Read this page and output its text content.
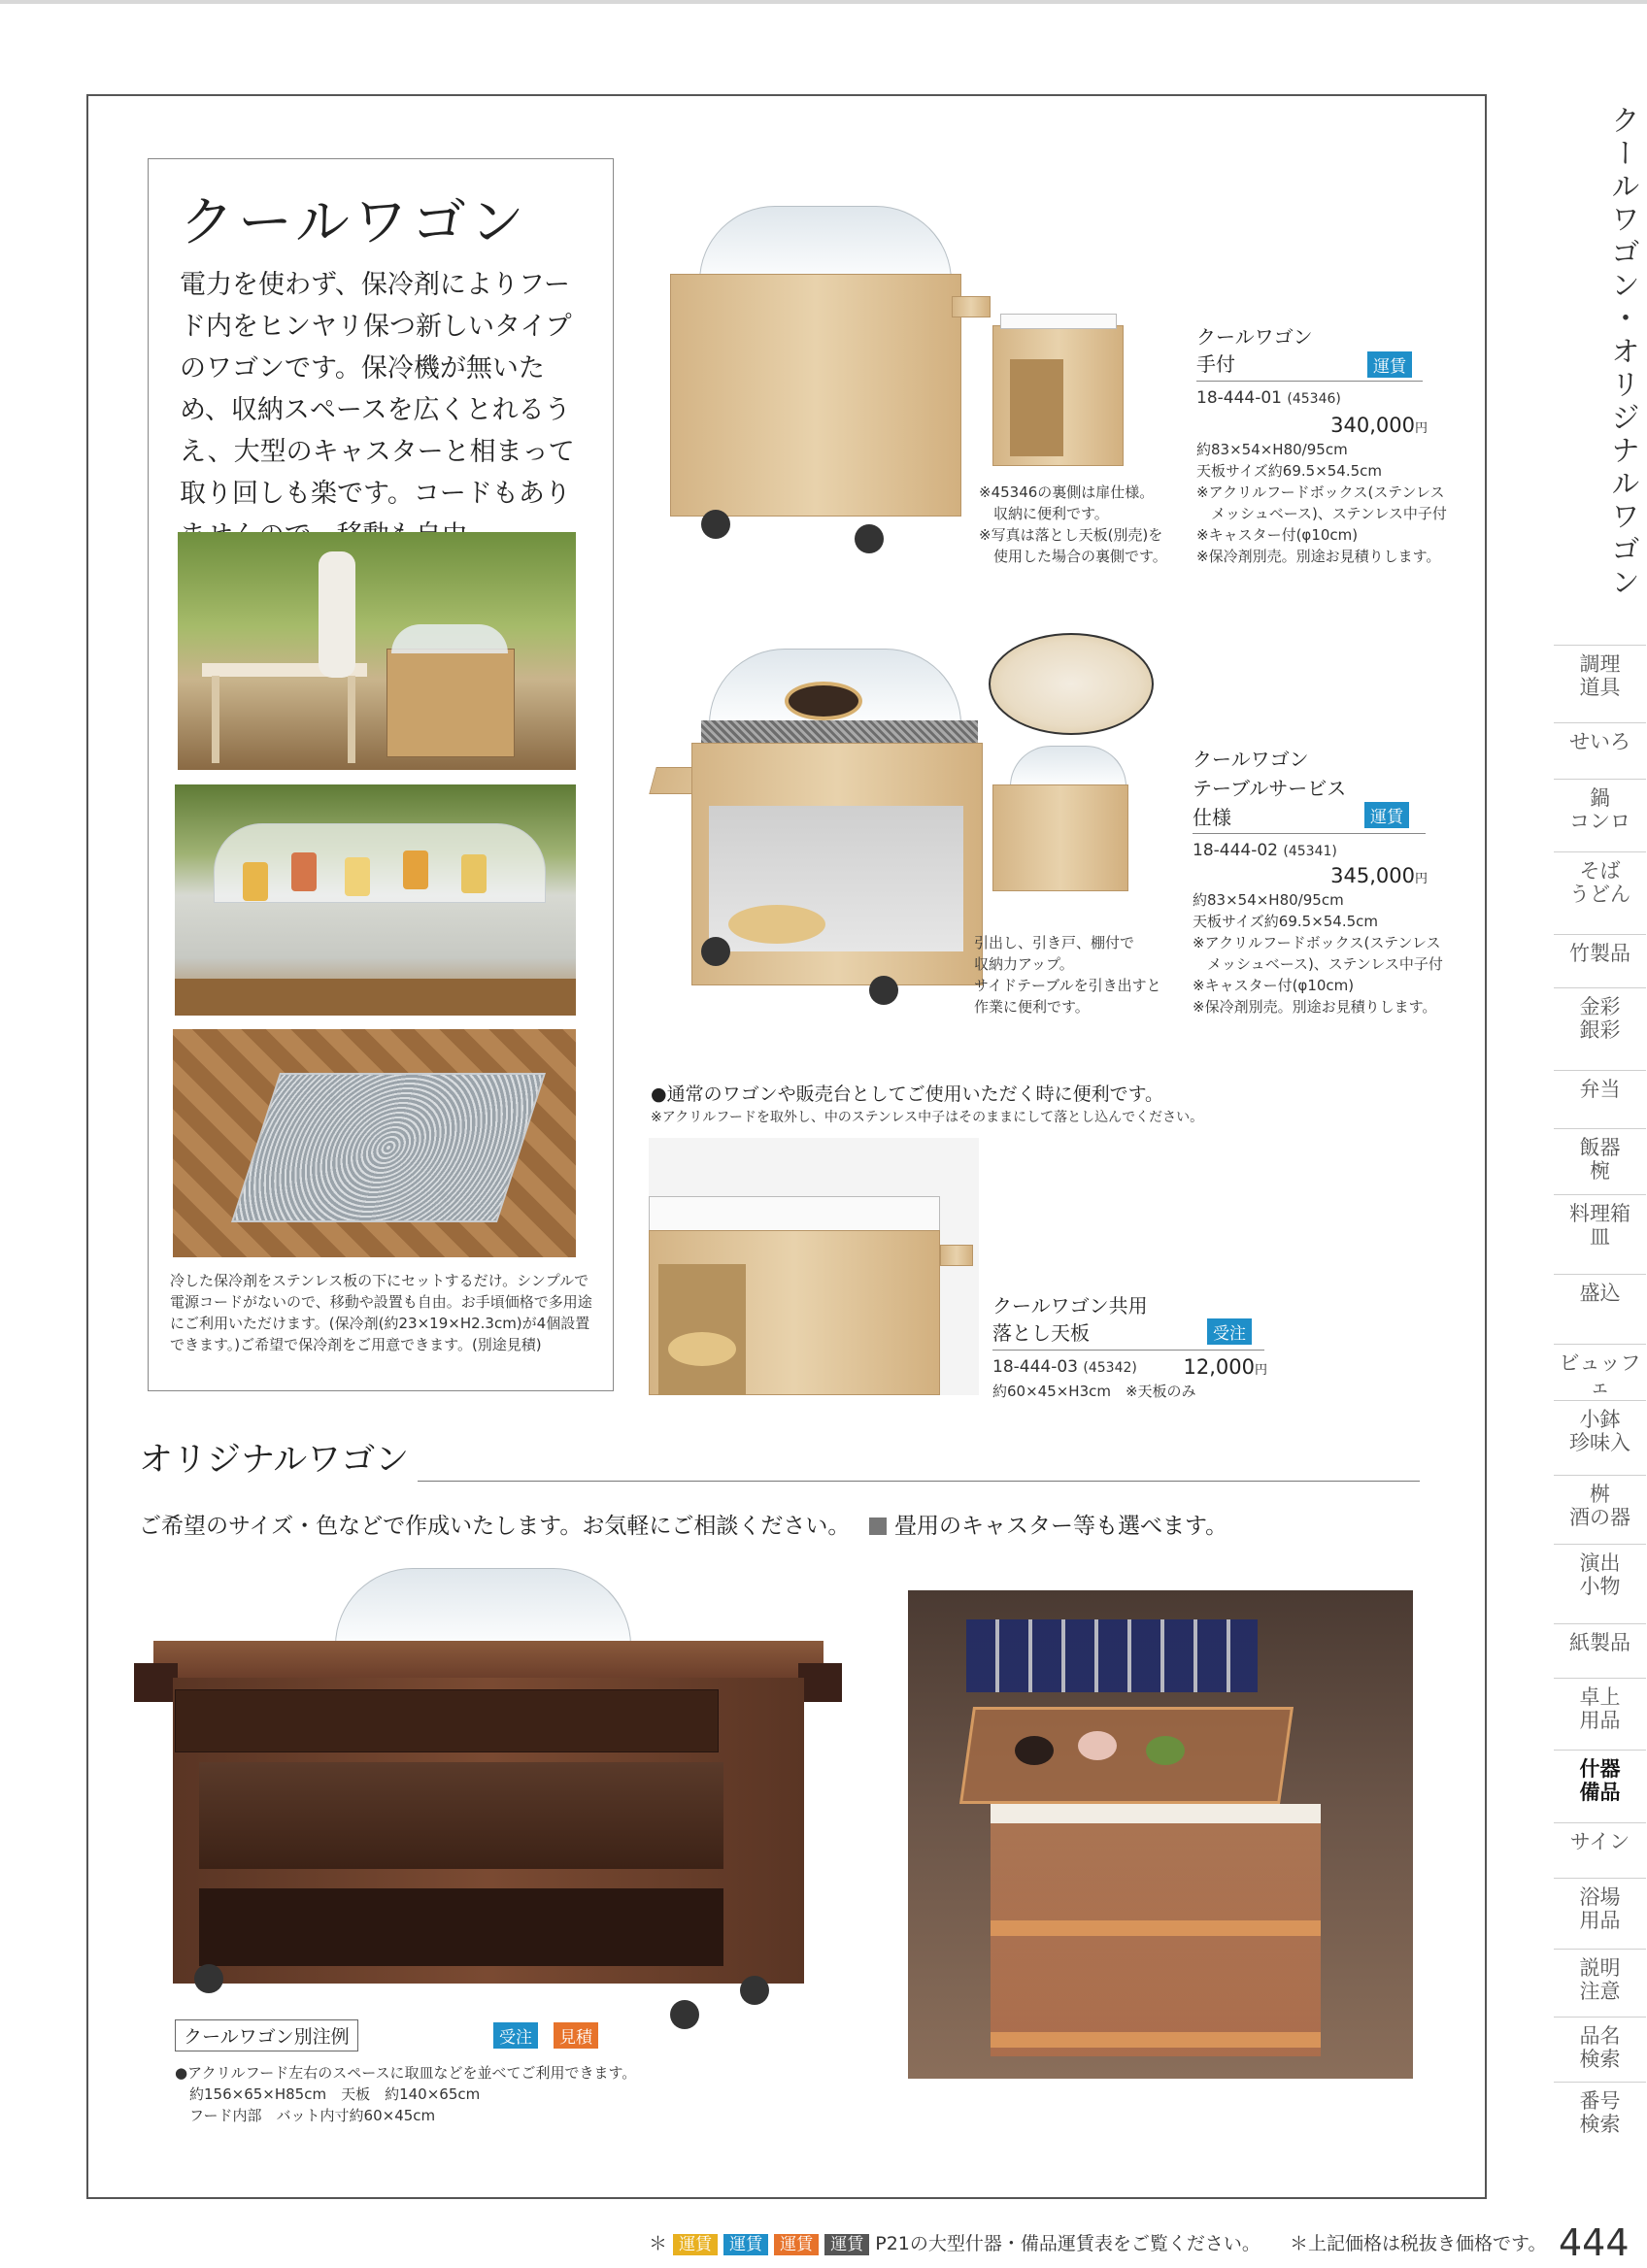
クールワゴン
電力を使わず、保冷剤によりフード内をヒンヤリ保つ新しいタイプのワゴンです。保冷機が無いため、収納スペースを広くとれるうえ、大型のキャスターと相まって取り回しも楽です。コードもあり
冷した保冷剤をステンレス板の下にセットするだけ。シンプルで電源コードがないので、移動や設置も自由。お手頃価格で多用途にご利用いただけます。(保冷剤(約23×19×H2.3cm)が4個設置できます。)ご希望で保冷剤をご用意できます。(別途見積)
※45346の裏側は扉仕様。
　収納に便利です。
※写真は落とし天板(別売)を
　使用した場合の裏側です。
クールワゴン
手付	運賃
18-444-01 (45346)
340,000円
約83×54×H80/95cm
天板サイズ約69.5×54.5cm
※アクリルフードボックス(ステンレス
　メッシュベース)、ステンレス中子付
※キャスター付(φ10cm)
※保冷剤別売。別途お見積りします。
引出し、引き戸、棚付で
収納力アップ。
サイドテーブルを引き出すと
作業に便利です。
クールワゴン
テーブルサービス
仕様	運賃
18-444-02 (45341)
345,000円
約83×54×H80/95cm
天板サイズ約69.5×54.5cm
※アクリルフードボックス(ステンレス
　メッシュベース)、ステンレス中子付
※キャスター付(φ10cm)
※保冷剤別売。別途お見積りします。
●通常のワゴンや販売台としてご使用いただく時に便利です。
※アクリルフードを取外し、中のステンレス中子はそのままにして落とし込んでください。
クールワゴン共用
落とし天板	受注
18-444-03 (45342)	12,000円
約60×45×H3cm　※天板のみ
オリジナルワゴン
ご希望のサイズ・色などで作成いたします。お気軽にご相談ください。	畳用のキャスター等も選べます。
クールワゴン別注例	受注	見積
●アクリルフード左右のスペースに取皿などを並べてご利用できます。
　約156×65×H85cm　天板　約140×65cm
　フード内部　バット内寸約60×45cm
クールワゴン・オリジナルワゴン
調理
道具
せいろ
鍋
コンロ
そば
うどん
竹製品
金彩
銀彩
弁当
飯器
椀
料理箱
皿
盛込
ビュッフェ
小鉢
珍味入
桝
酒の器
演出
小物
紙製品
卓上
用品
什器
備品
サイン
浴場
用品
説明
注意
品名
検索
番号
検索
＊ 運賃 運賃 運賃 運賃 P21の大型什器・備品運賃表をご覧ください。 ＊上記価格は税抜き価格です。 444
